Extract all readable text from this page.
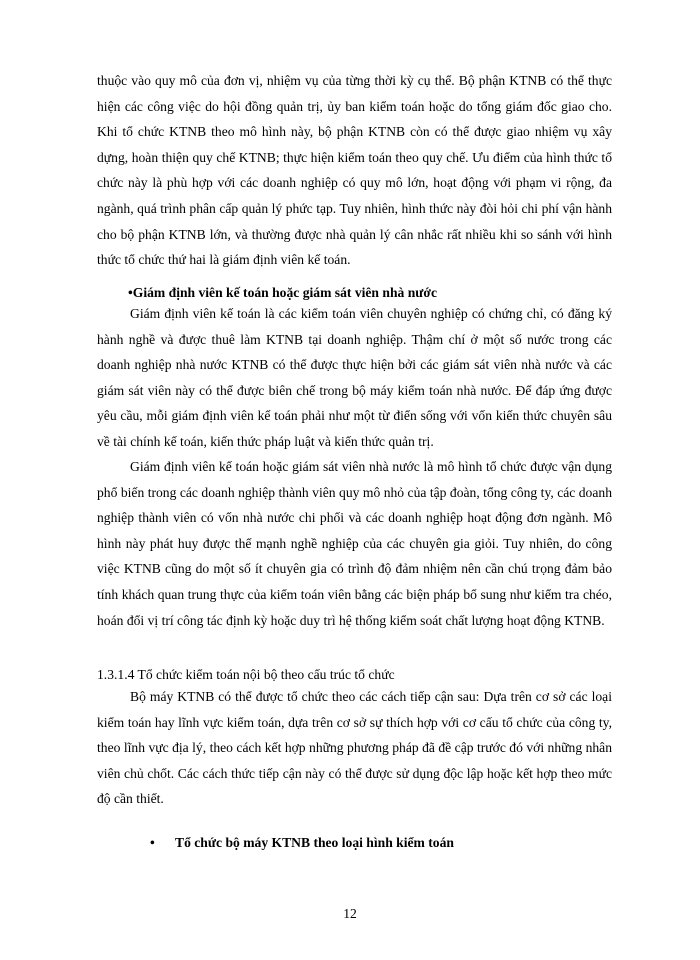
thuộc vào quy mô của đơn vị, nhiệm vụ của từng thời kỳ cụ thể. Bộ phận KTNB có thể thực hiện các công việc do hội đồng quản trị, ủy ban kiểm toán hoặc do tổng giám đốc giao cho. Khi tổ chức KTNB theo mô hình này, bộ phận KTNB còn có thể được giao nhiệm vụ xây dựng, hoàn thiện quy chế KTNB; thực hiện kiểm toán theo quy chế. Ưu điểm của hình thức tổ chức này là phù hợp với các doanh nghiệp có quy mô lớn, hoạt động với phạm vi rộng, đa ngành, quá trình phân cấp quản lý phức tạp. Tuy nhiên, hình thức này đòi hỏi chi phí vận hành cho bộ phận KTNB lớn, và thường được nhà quản lý cân nhắc rất nhiều khi so sánh với hình thức tổ chức thứ hai là giám định viên kế toán.

•Giám định viên kế toán hoặc giám sát viên nhà nước

Giám định viên kế toán là các kiểm toán viên chuyên nghiệp có chứng chỉ, có đăng ký hành nghề và được thuê làm KTNB tại doanh nghiệp. Thậm chí ở một số nước trong các doanh nghiệp nhà nước KTNB có thể được thực hiện bởi các giám sát viên nhà nước và các giám sát viên này có thể được biên chế trong bộ máy kiểm toán nhà nước. Để đáp ứng được yêu cầu, mỗi giám định viên kế toán phải như một từ điển sống với vốn kiến thức chuyên sâu về tài chính kế toán, kiến thức pháp luật và kiến thức quản trị.

Giám định viên kế toán hoặc giám sát viên nhà nước là mô hình tổ chức được vận dụng phổ biến trong các doanh nghiệp thành viên quy mô nhỏ của tập đoàn, tổng công ty, các doanh nghiệp thành viên có vốn nhà nước chi phối và các doanh nghiệp hoạt động đơn ngành. Mô hình này phát huy được thế mạnh nghề nghiệp của các chuyên gia giỏi. Tuy nhiên, do công việc KTNB cũng do một số ít chuyên gia có trình độ đảm nhiệm nên cần chú trọng đảm bảo tính khách quan trung thực của kiểm toán viên bằng các biện pháp bổ sung như kiểm tra chéo, hoán đổi vị trí công tác định kỳ hoặc duy trì hệ thống kiểm soát chất lượng hoạt động KTNB.

1.3.1.4 Tổ chức kiểm toán nội bộ theo cấu trúc tổ chức

Bộ máy KTNB có thể được tổ chức theo các cách tiếp cận sau: Dựa trên cơ sở các loại kiểm toán hay lĩnh vực kiểm toán, dựa trên cơ sở sự thích hợp với cơ cấu tổ chức của công ty, theo lĩnh vực địa lý, theo cách kết hợp những phương pháp đã đề cập trước đó với những nhân viên chủ chốt. Các cách thức tiếp cận này có thể được sử dụng độc lập hoặc kết hợp theo mức độ cần thiết.

• Tổ chức bộ máy KTNB theo loại hình kiểm toán
12
